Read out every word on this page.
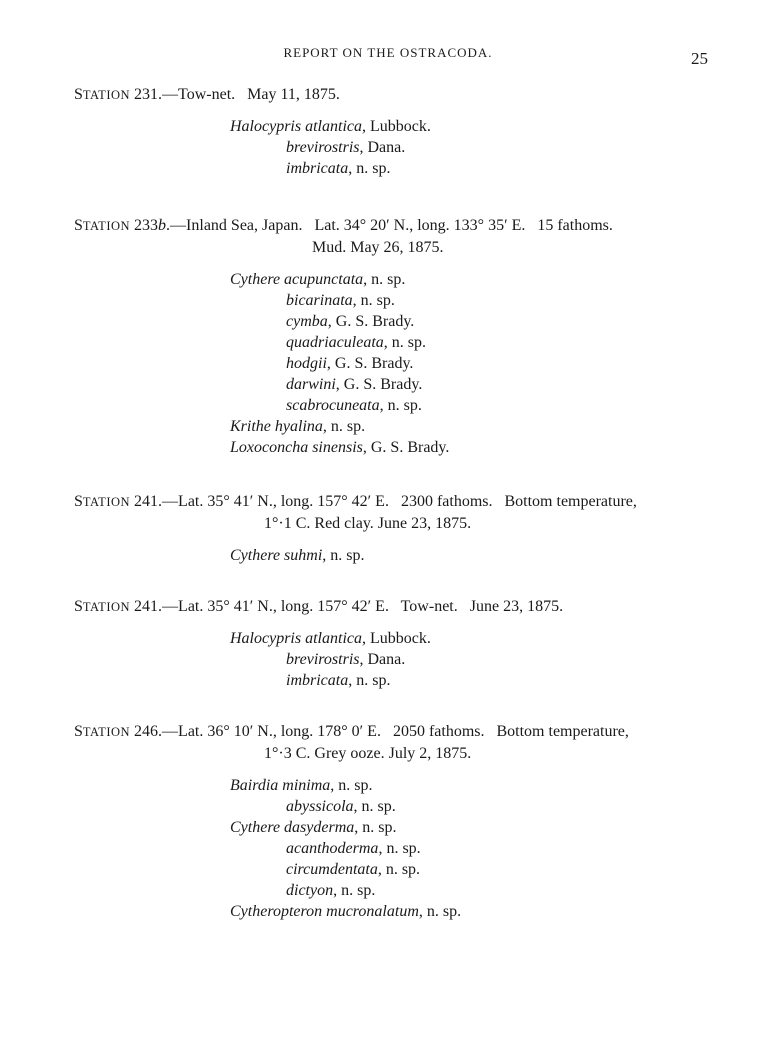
REPORT ON THE OSTRACODA.	25
STATION 231.—Tow-net.   May 11, 1875.
Halocypris atlantica, Lubbock.
brevirostris, Dana.
imbricata, n. sp.
STATION 233b.—Inland Sea, Japan.   Lat. 34° 20′ N., long. 133° 35′ E.   15 fathoms.
Mud. May 26, 1875.
Cythere acupunctata, n. sp.
bicarinata, n. sp.
cymba, G. S. Brady.
quadriaculeata, n. sp.
hodgii, G. S. Brady.
darwini, G. S. Brady.
scabrocuneata, n. sp.
Krithe hyalina, n. sp.
Loxoconcha sinensis, G. S. Brady.
STATION 241.—Lat. 35° 41′ N., long. 157° 42′ E.   2300 fathoms.   Bottom temperature,
1°·1 C. Red clay. June 23, 1875.
Cythere suhmi, n. sp.
STATION 241.—Lat. 35° 41′ N., long. 157° 42′ E.   Tow-net.   June 23, 1875.
Halocypris atlantica, Lubbock.
brevirostris, Dana.
imbricata, n. sp.
STATION 246.—Lat. 36° 10′ N., long. 178° 0′ E.   2050 fathoms.   Bottom temperature,
1°·3 C. Grey ooze. July 2, 1875.
Bairdia minima, n. sp.
abyssicola, n. sp.
Cythere dasyderma, n. sp.
acanthoderma, n. sp.
circumdentata, n. sp.
dictyon, n. sp.
Cytheropteron mucronalatum, n. sp.
